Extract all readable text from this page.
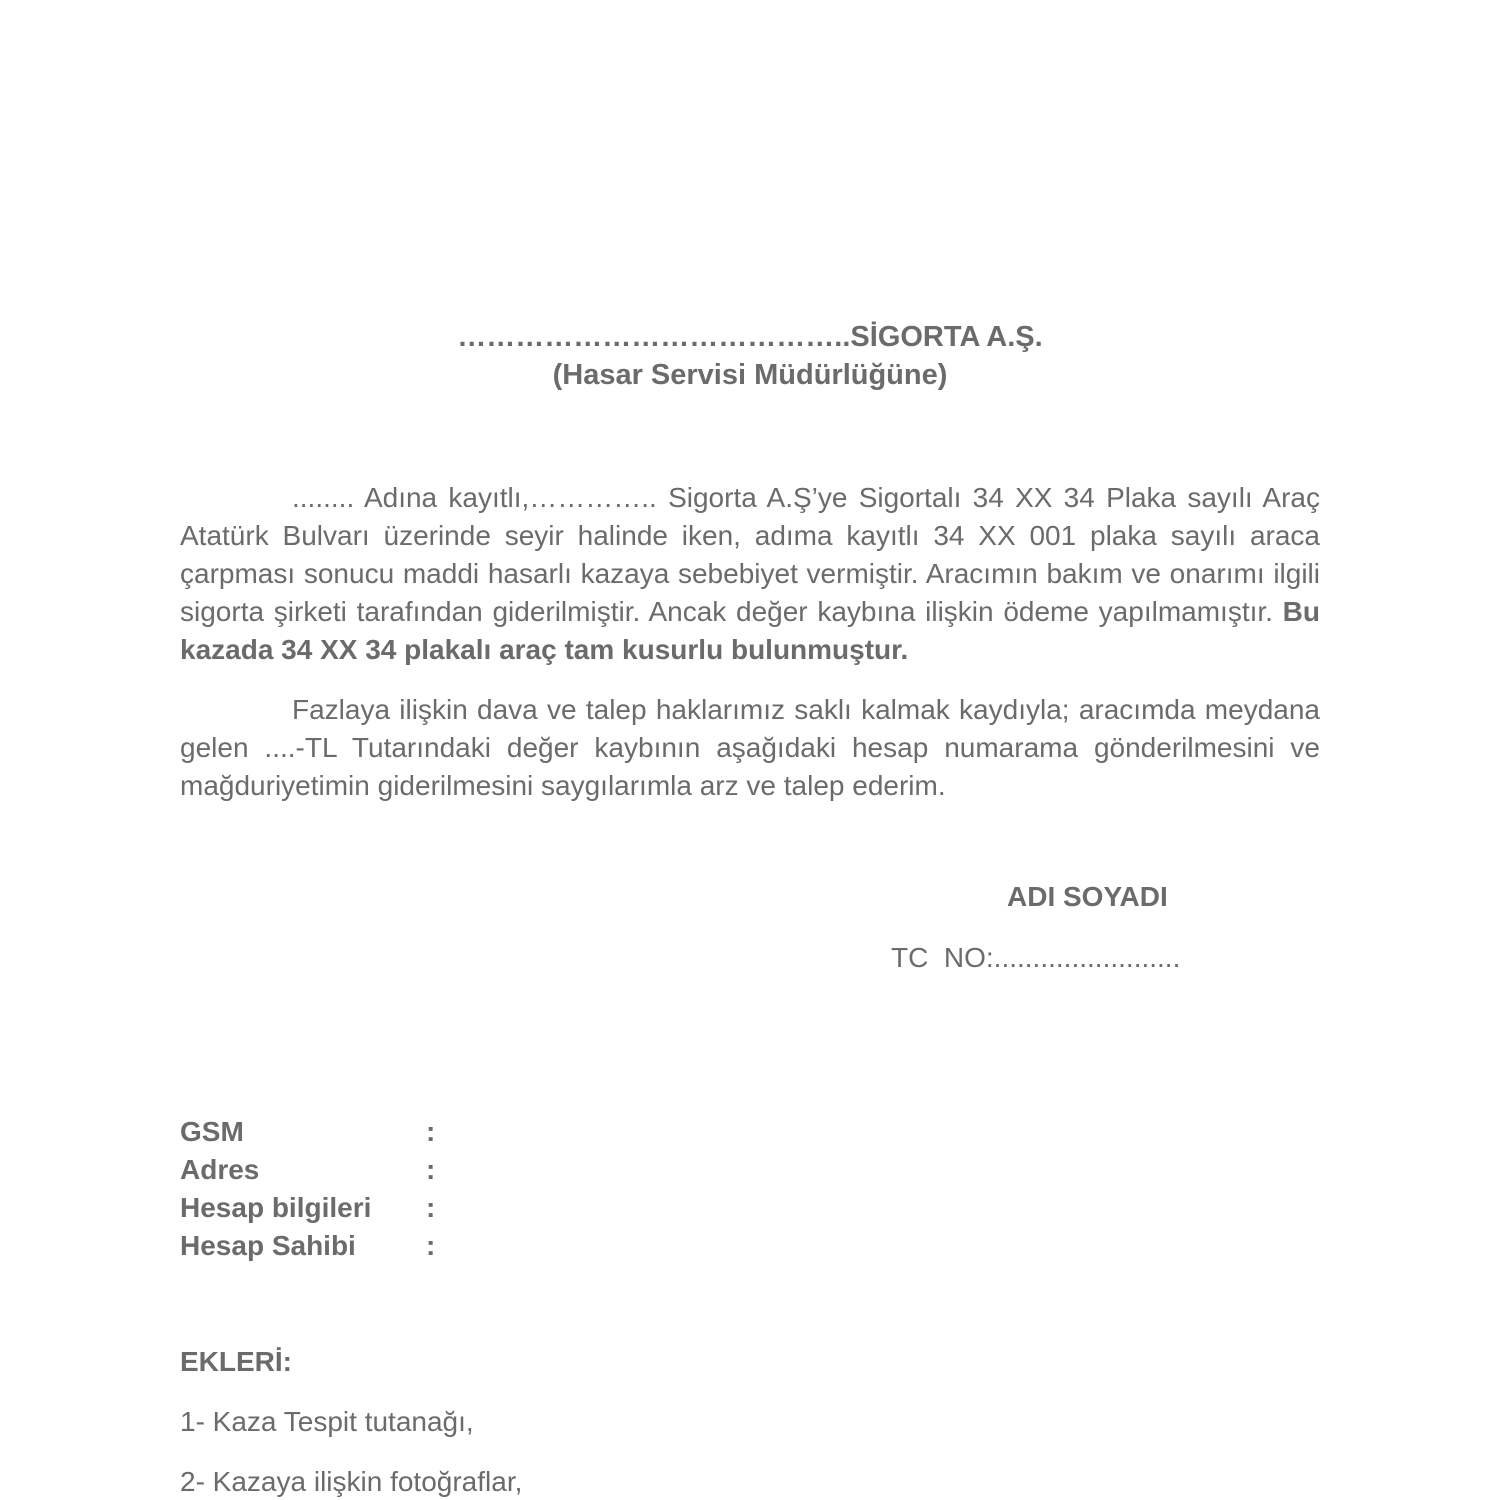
…………………………………..SİGORTA A.Ş.
(Hasar Servisi Müdürlüğüne)

........ Adına kayıtlı,………….. Sigorta A.Ş’ye Sigortalı 34 XX 34 Plaka sayılı Araç Atatürk Bulvarı üzerinde seyir halinde iken, adıma kayıtlı 34 XX 001 plaka sayılı araca çarpması sonucu maddi hasarlı kazaya sebebiyet vermiştir. Aracımın bakım ve onarımı ilgili sigorta şirketi tarafından giderilmiştir. Ancak değer kaybına ilişkin ödeme yapılmamıştır. Bu kazada 34 XX 34 plakalı araç tam kusurlu bulunmuştur.

Fazlaya ilişkin dava ve talep haklarımız saklı kalmak kaydıyla; aracımda meydana gelen ....-TL Tutarındaki değer kaybının aşağıdaki hesap numarama gönderilmesini ve mağduriyetimin giderilmesini saygılarımla arz ve talep ederim.

ADI SOYADI
TC  NO:........................
GSM	:
Adres	:
Hesap bilgileri :
Hesap Sahibi	:
EKLERİ:
1- Kaza Tespit tutanağı,
2- Kazaya ilişkin fotoğraflar,
